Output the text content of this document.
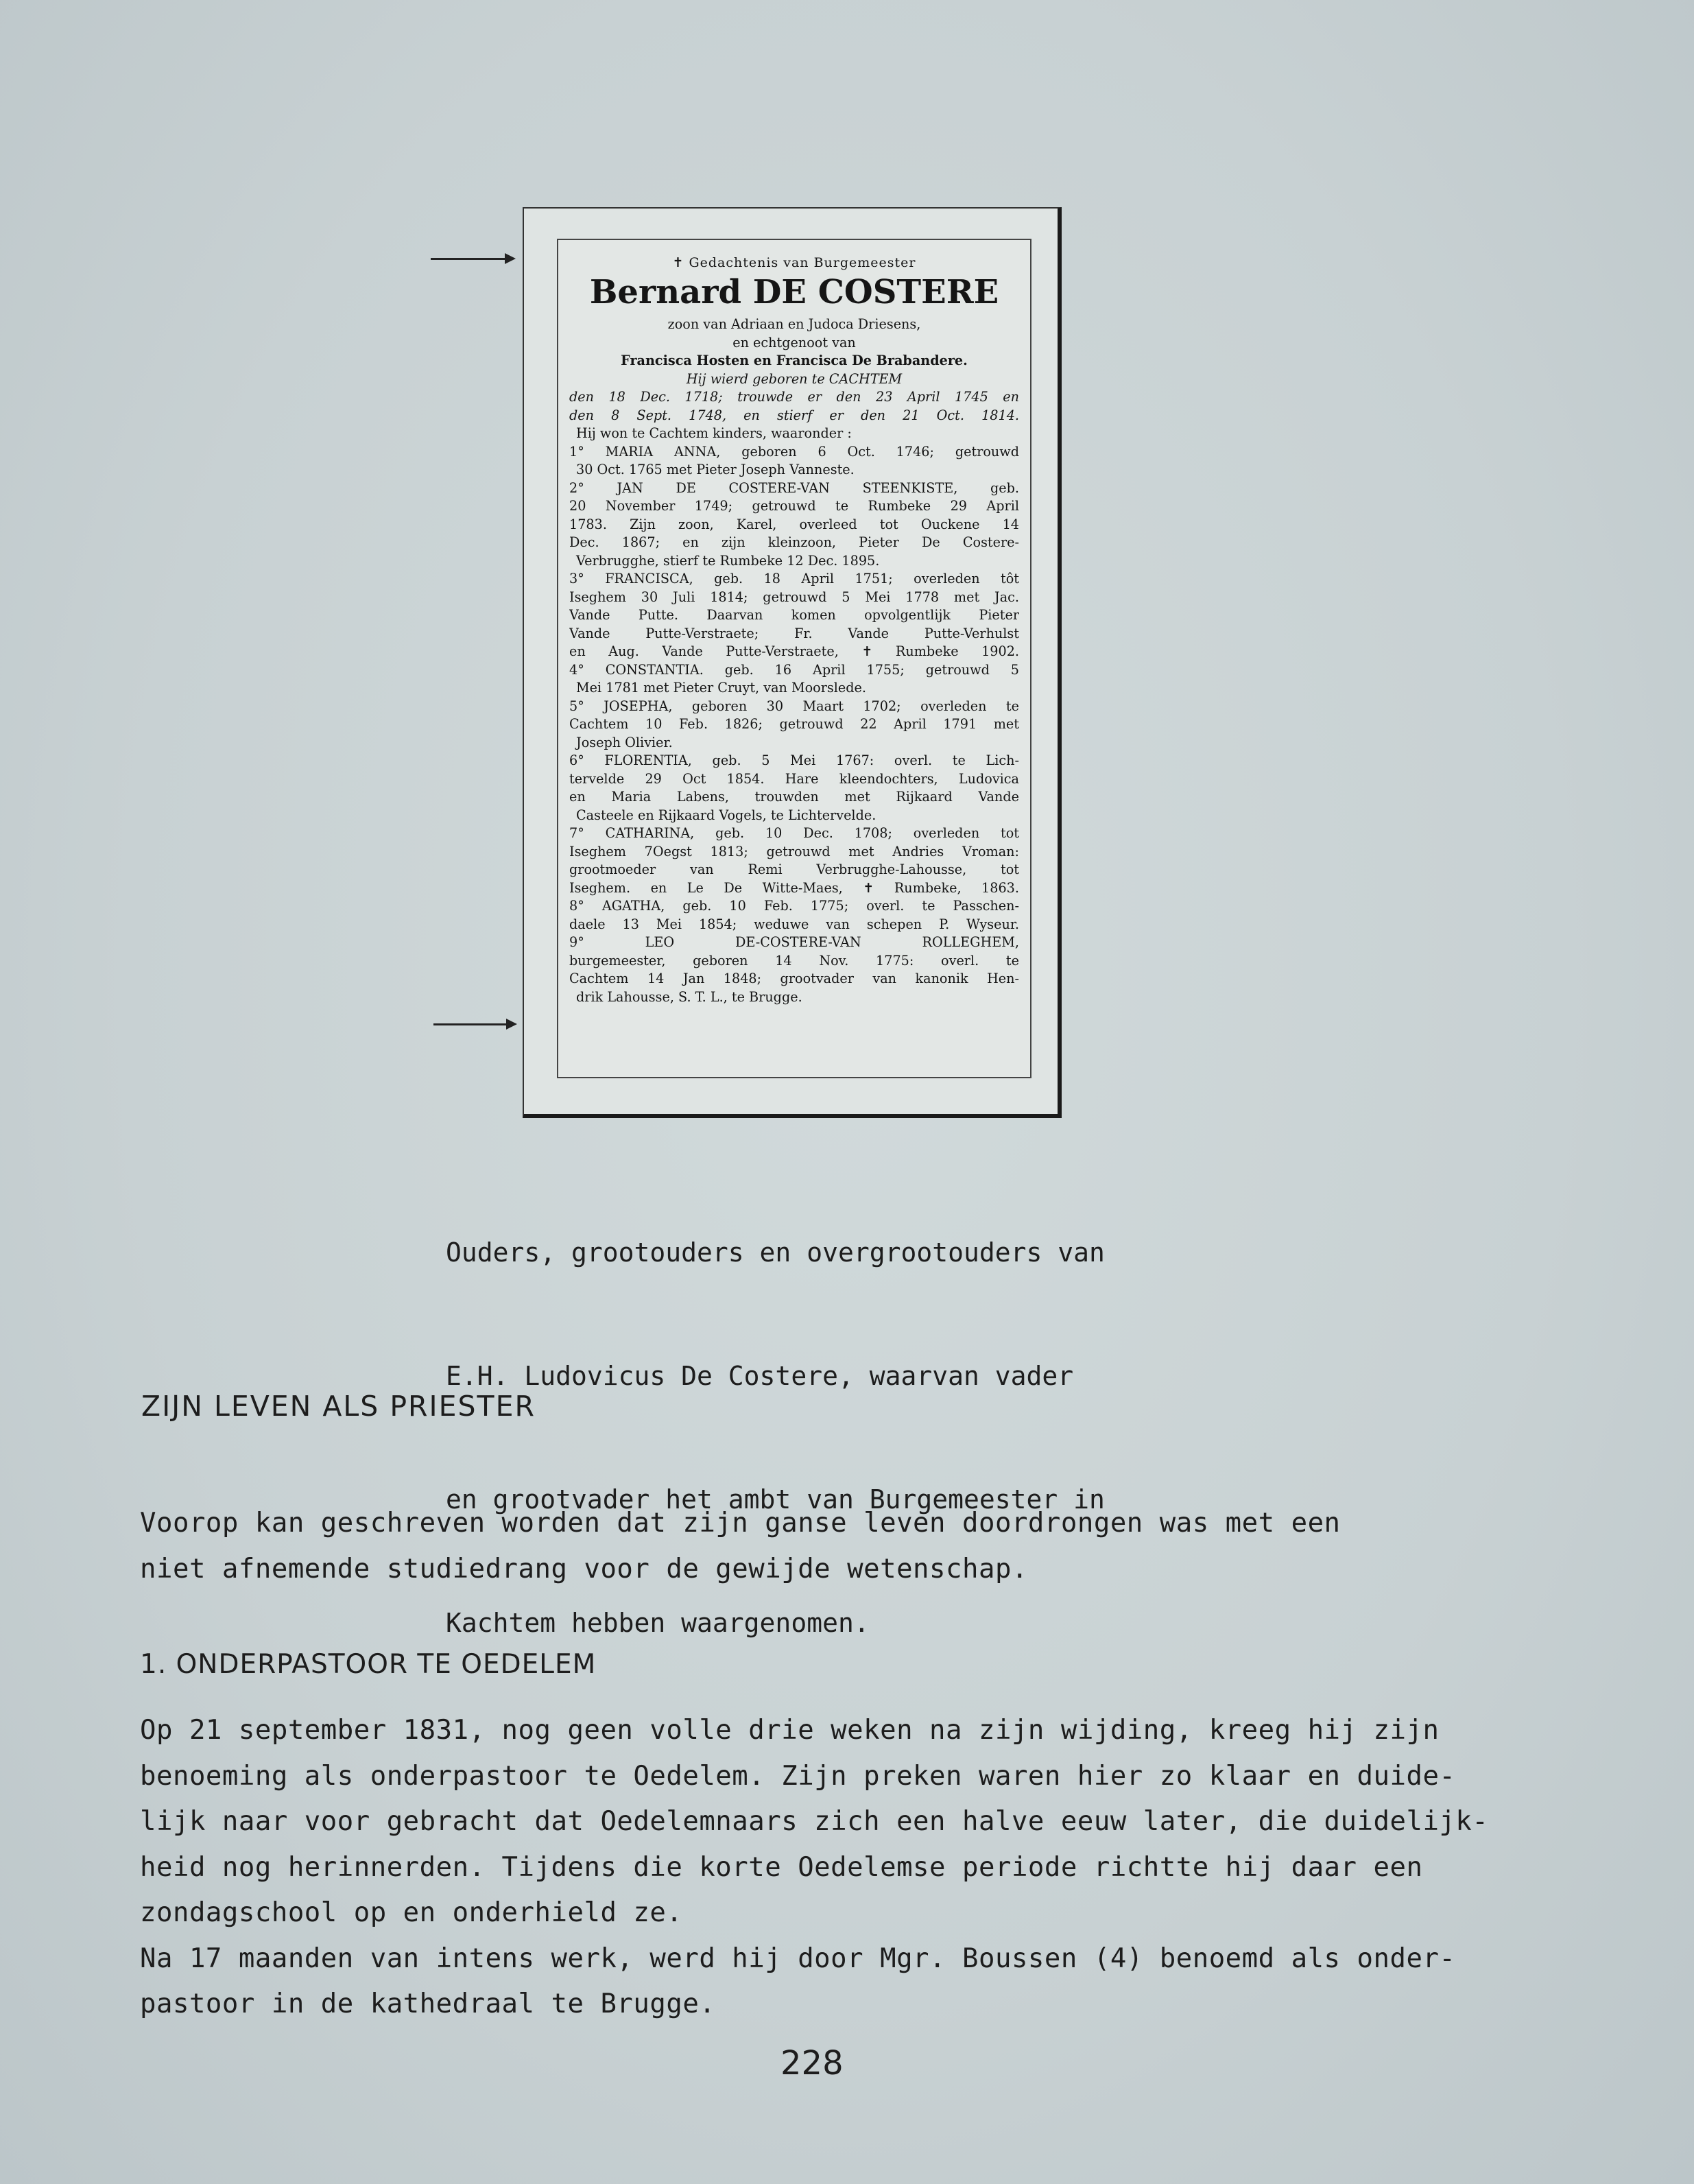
✝ Gedachtenis van Burgemeester
Bernard DE COSTERE
zoon van Adriaan en Judoca Driesens,
en echtgenoot van
Francisca Hosten en Francisca De Brabandere.
Hij wierd geboren te CACHTEM
den 18 Dec. 1718; trouwde er den 23 April 1745 en
den 8 Sept. 1748, en stierf er den 21 Oct. 1814.
Hij won te Cachtem kinders, waaronder :
1° MARIA ANNA, geboren 6 Oct. 1746; getrouwd
30 Oct. 1765 met Pieter Joseph Vanneste.
2° JAN DE COSTERE-VAN STEENKISTE, geb.
20 November 1749; getrouwd te Rumbeke 29 April
1783. Zijn zoon, Karel, overleed tot Ouckene 14
Dec. 1867; en zijn kleinzoon, Pieter De Costere-
Verbrugghe, stierf te Rumbeke 12 Dec. 1895.
3° FRANCISCA, geb. 18 April 1751; overleden tôt
Iseghem 30 Juli 1814; getrouwd 5 Mei 1778 met Jac.
Vande Putte. Daarvan komen opvolgentlijk Pieter
Vande Putte-Verstraete; Fr. Vande Putte-Verhulst
en Aug. Vande Putte-Verstraete, ✝ Rumbeke 1902.
4° CONSTANTIA. geb. 16 April 1755; getrouwd 5
Mei 1781 met Pieter Cruyt, van Moorslede.
5° JOSEPHA, geboren 30 Maart 1702; overleden te
Cachtem 10 Feb. 1826; getrouwd 22 April 1791 met
Joseph Olivier.
6° FLORENTIA, geb. 5 Mei 1767: overl. te Lich-
tervelde 29 Oct 1854. Hare kleendochters, Ludovica
en Maria Labens, trouwden met Rijkaard Vande
Casteele en Rijkaard Vogels, te Lichtervelde.
7° CATHARINA, geb. 10 Dec. 1708; overleden tot
Iseghem 7Oegst 1813; getrouwd met Andries Vroman:
grootmoeder van Remi Verbrugghe-Lahousse, tot
Iseghem. en Le De Witte-Maes, ✝ Rumbeke, 1863.
8° AGATHA, geb. 10 Feb. 1775; overl. te Passchen-
daele 13 Mei 1854; weduwe van schepen P. Wyseur.
9° LEO DE-COSTERE-VAN ROLLEGHEM,
burgemeester, geboren 14 Nov. 1775: overl. te
Cachtem 14 Jan 1848; grootvader van kanonik Hen-
drik Lahousse, S. T. L., te Brugge.

Ouders, grootouders en overgrootouders van

E.H. Ludovicus De Costere, waarvan vader

en grootvader het ambt van Burgemeester in

Kachtem hebben waargenomen.

ZIJN LEVEN ALS PRIESTER
Voorop kan geschreven worden dat zijn ganse leven doordrongen was met een
niet afnemende studiedrang voor de gewijde wetenschap.
1. ONDERPASTOOR TE OEDELEM
Op 21 september 1831, nog geen volle drie weken na zijn wijding, kreeg hij zijn
benoeming als onderpastoor te Oedelem. Zijn preken waren hier zo klaar en duide-
lijk naar voor gebracht dat Oedelemnaars zich een halve eeuw later, die duidelijk-
heid nog herinnerden. Tijdens die korte Oedelemse periode richtte hij daar een
zondagschool op en onderhield ze.
Na 17 maanden van intens werk, werd hij door Mgr. Boussen (4) benoemd als onder-
pastoor in de kathedraal te Brugge.
228
